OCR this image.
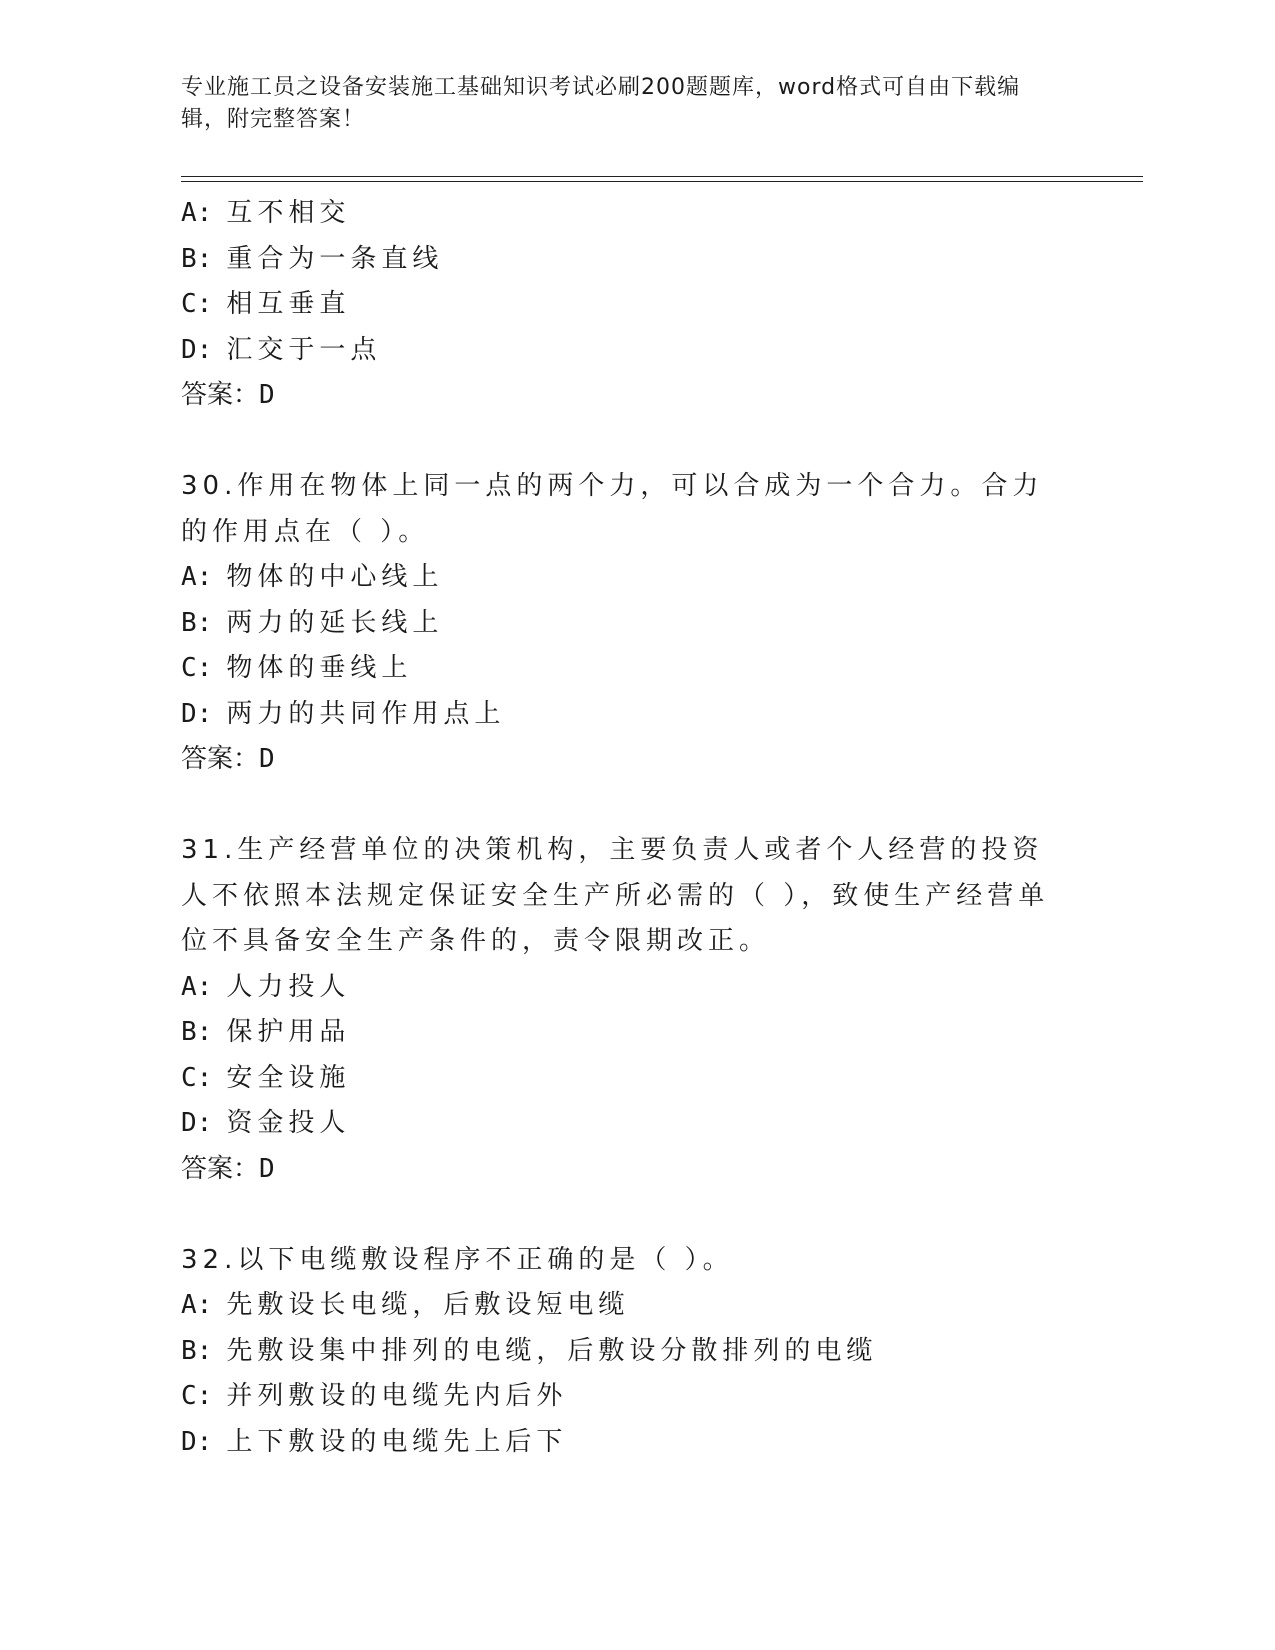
专业施工员之设备安装施工基础知识考试必刷200题题库，word格式可自由下载编辑，附完整答案！
A: 互不相交
B: 重合为一条直线
C: 相互垂直
D: 汇交于一点
答案：D
30.作用在物体上同一点的两个力，可以合成为一个合力。合力的作用点在（ ）。
A: 物体的中心线上
B: 两力的延长线上
C: 物体的垂线上
D: 两力的共同作用点上
答案：D
31.生产经营单位的决策机构，主要负责人或者个人经营的投资人不依照本法规定保证安全生产所必需的（ ），致使生产经营单位不具备安全生产条件的，责令限期改正。
A: 人力投人
B: 保护用品
C: 安全设施
D: 资金投人
答案：D
32.以下电缆敷设程序不正确的是（ ）。
A: 先敷设长电缆，后敷设短电缆
B: 先敷设集中排列的电缆，后敷设分散排列的电缆
C: 并列敷设的电缆先内后外
D: 上下敷设的电缆先上后下
